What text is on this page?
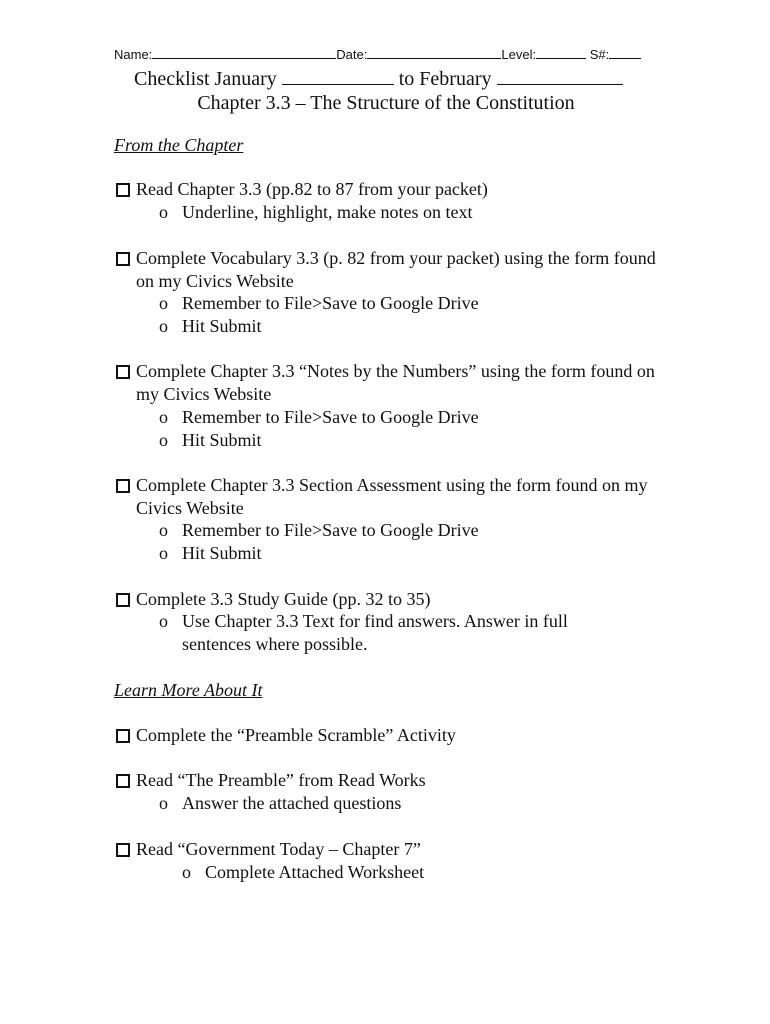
Name:	Date:	Level:	S#:
Checklist January	to February
Chapter 3.3 – The Structure of the Constitution
From the Chapter
Learn More About It
Read Chapter 3.3 (pp.82 to 87 from your packet)
o Underline, highlight, make notes on text
Complete Vocabulary 3.3 (p. 82 from your packet) using the form found on my Civics Website
o Remember to File>Save to Google Drive
o Hit Submit
Complete Chapter 3.3 “Notes by the Numbers” using the form found on my Civics Website
o Remember to File>Save to Google Drive
o Hit Submit
Complete Chapter 3.3 Section Assessment using the form found on my Civics Website
o Remember to File>Save to Google Drive
o Hit Submit
Complete 3.3 Study Guide (pp. 32 to 35)
o Use Chapter 3.3 Text for find answers. Answer in full sentences where possible.
Complete the “Preamble Scramble” Activity
Read “The Preamble” from Read Works
o Answer the attached questions
Read “Government Today – Chapter 7”
o Complete Attached Worksheet
